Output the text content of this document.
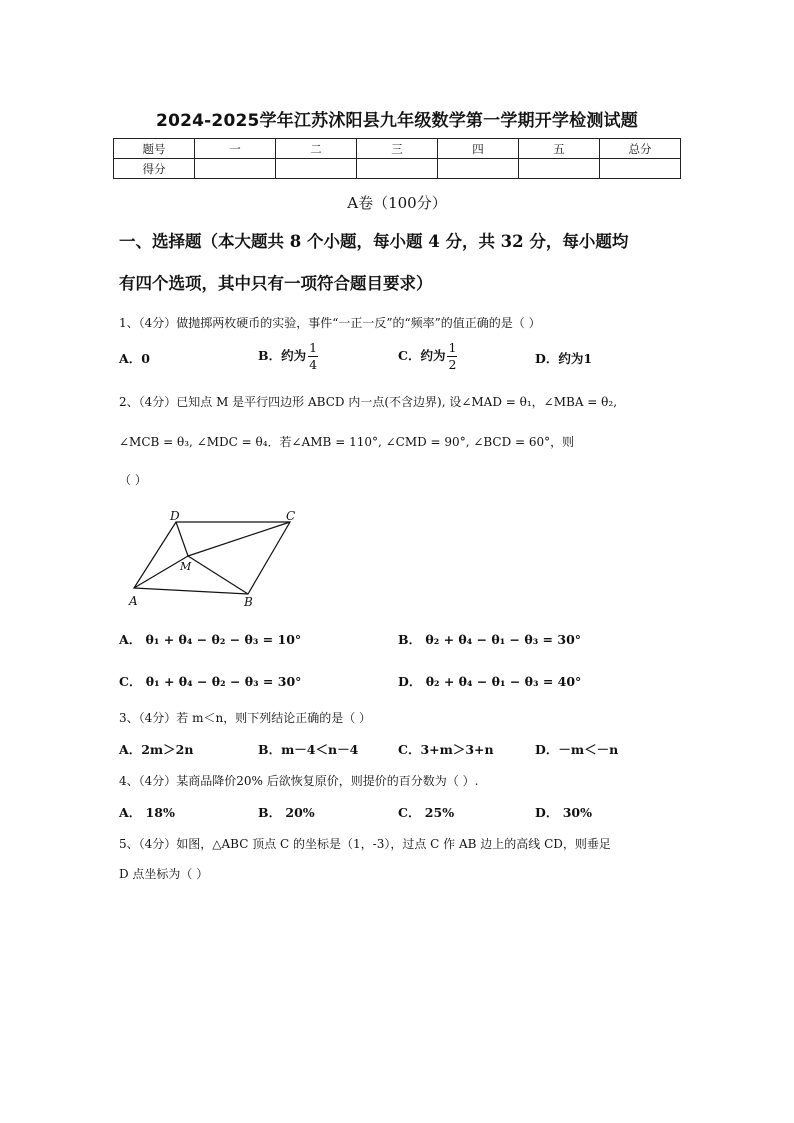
2024-2025学年江苏沭阳县九年级数学第一学期开学检测试题
题号	一	二	三	四	五	总分
得分						
A卷（100分）
一、选择题（本大题共 8 个小题，每小题 4 分，共 32 分，每小题均
有四个选项，其中只有一项符合题目要求）
1、（4分）做抛掷两枚硬币的实验，事件“一正一反”的“频率”的值正确的是（ ）
A．0	B．约为 $\frac{1}{4}$	C．约为 $\frac{1}{2}$	D．约为1
2、（4分）已知点 M 是平行四边形 ABCD 内一点(不含边界), 设∠MAD = θ₁，∠MBA = θ₂,
∠MCB = θ₃, ∠MDC = θ₄．若∠AMB = 110°, ∠CMD = 90°, ∠BCD = 60°，则
（ ）
A	B
C
D
M
A． θ₁ + θ₄ − θ₂ − θ₃ = 10°	B． θ₂ + θ₄ − θ₁ − θ₃ = 30°
C． θ₁ + θ₄ − θ₂ − θ₃ = 30°	D． θ₂ + θ₄ − θ₁ − θ₃ = 40°
3、（4分）若 m＜n，则下列结论正确的是（ ）
A．2m＞2n	B．m－4＜n－4	C．3+m＞3+n	D．－m＜－n
4、（4分）某商品降价20% 后欲恢复原价，则提价的百分数为（ ）.
A． 18%	B． 20%	C． 25%	D． 30%
5、（4分）如图，△ABC 顶点 C 的坐标是（1，-3），过点 C 作 AB 边上的高线 CD，则垂足
D 点坐标为（ ）
